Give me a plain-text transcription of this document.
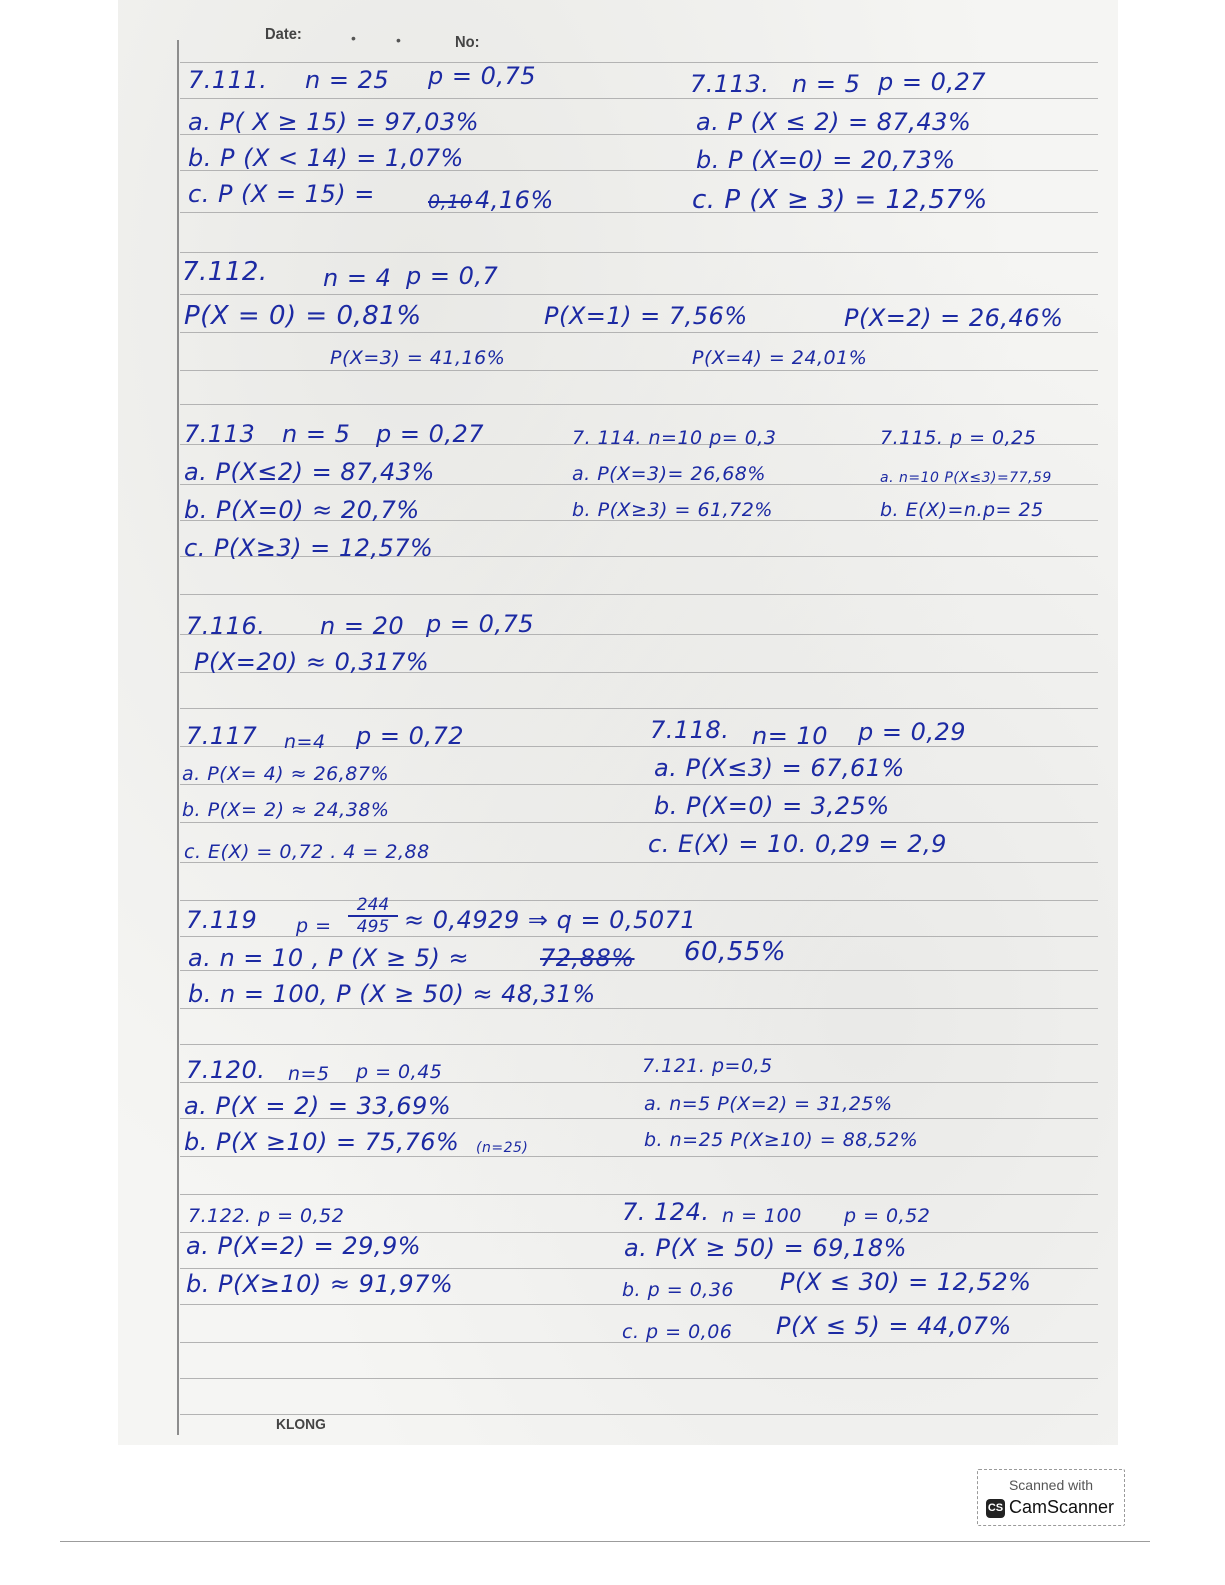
Date:	•	•	No:
7.111. n = 25 p = 0,75
a. P( X ≥ 15) = 97,03%
b. P (X < 14) = 1,07%
c. P (X = 15) =	0,10 4,16%
7.113. n = 5 p = 0,27
a. P (X ≤ 2) = 87,43%
b. P (X=0) = 20,73%
c. P (X ≥ 3) = 12,57%
7.112. n = 4 p = 0,7
P(X = 0) = 0,81%	P(X=1) = 7,56%	P(X=2) = 26,46%
P(X=3) = 41,16%	P(X=4) = 24,01%
7.113 n = 5 p = 0,27
a. P(X≤2) = 87,43%
b. P(X=0) ≈ 20,7%
c. P(X≥3) = 12,57%
7. 114. n=10 p= 0,3
a. P(X=3)= 26,68%
b. P(X≥3) = 61,72%
7.115. p = 0,25
a. n=10 P(X≤3)=77,59
b. E(X)=n.p= 25
7.116. n = 20 p = 0,75
P(X=20) ≈ 0,317%
7.117 n=4 p = 0,72
a. P(X= 4) ≈ 26,87%
b. P(X= 2) ≈ 24,38%
c. E(X) = 0,72 . 4 = 2,88
7.118. n= 10 p = 0,29
a. P(X≤3) = 67,61%
b. P(X=0) = 3,25%
c. E(X) = 10. 0,29 = 2,9
7.119 p =
244
495 ≈ 0,4929 ⇒ q = 0,5071
a. n = 10 , P (X ≥ 5) ≈	72,88% 60,55%
b. n = 100, P (X ≥ 50) ≈ 48,31%
7.120. n=5 p = 0,45
a. P(X = 2) = 33,69%
b. P(X ≥10) = 75,76% (n=25)
7.121. p=0,5
a. n=5 P(X=2) = 31,25%
b. n=25 P(X≥10) = 88,52%
7.122. p = 0,52
a. P(X=2) = 29,9%
b. P(X≥10) ≈ 91,97%
7. 124. n = 100 p = 0,52
a. P(X ≥ 50) = 69,18%
b. p = 0,36 P(X ≤ 30) = 12,52%
c. p = 0,06 P(X ≤ 5) = 44,07%
KLONG
Scanned with
CS CamScanner
